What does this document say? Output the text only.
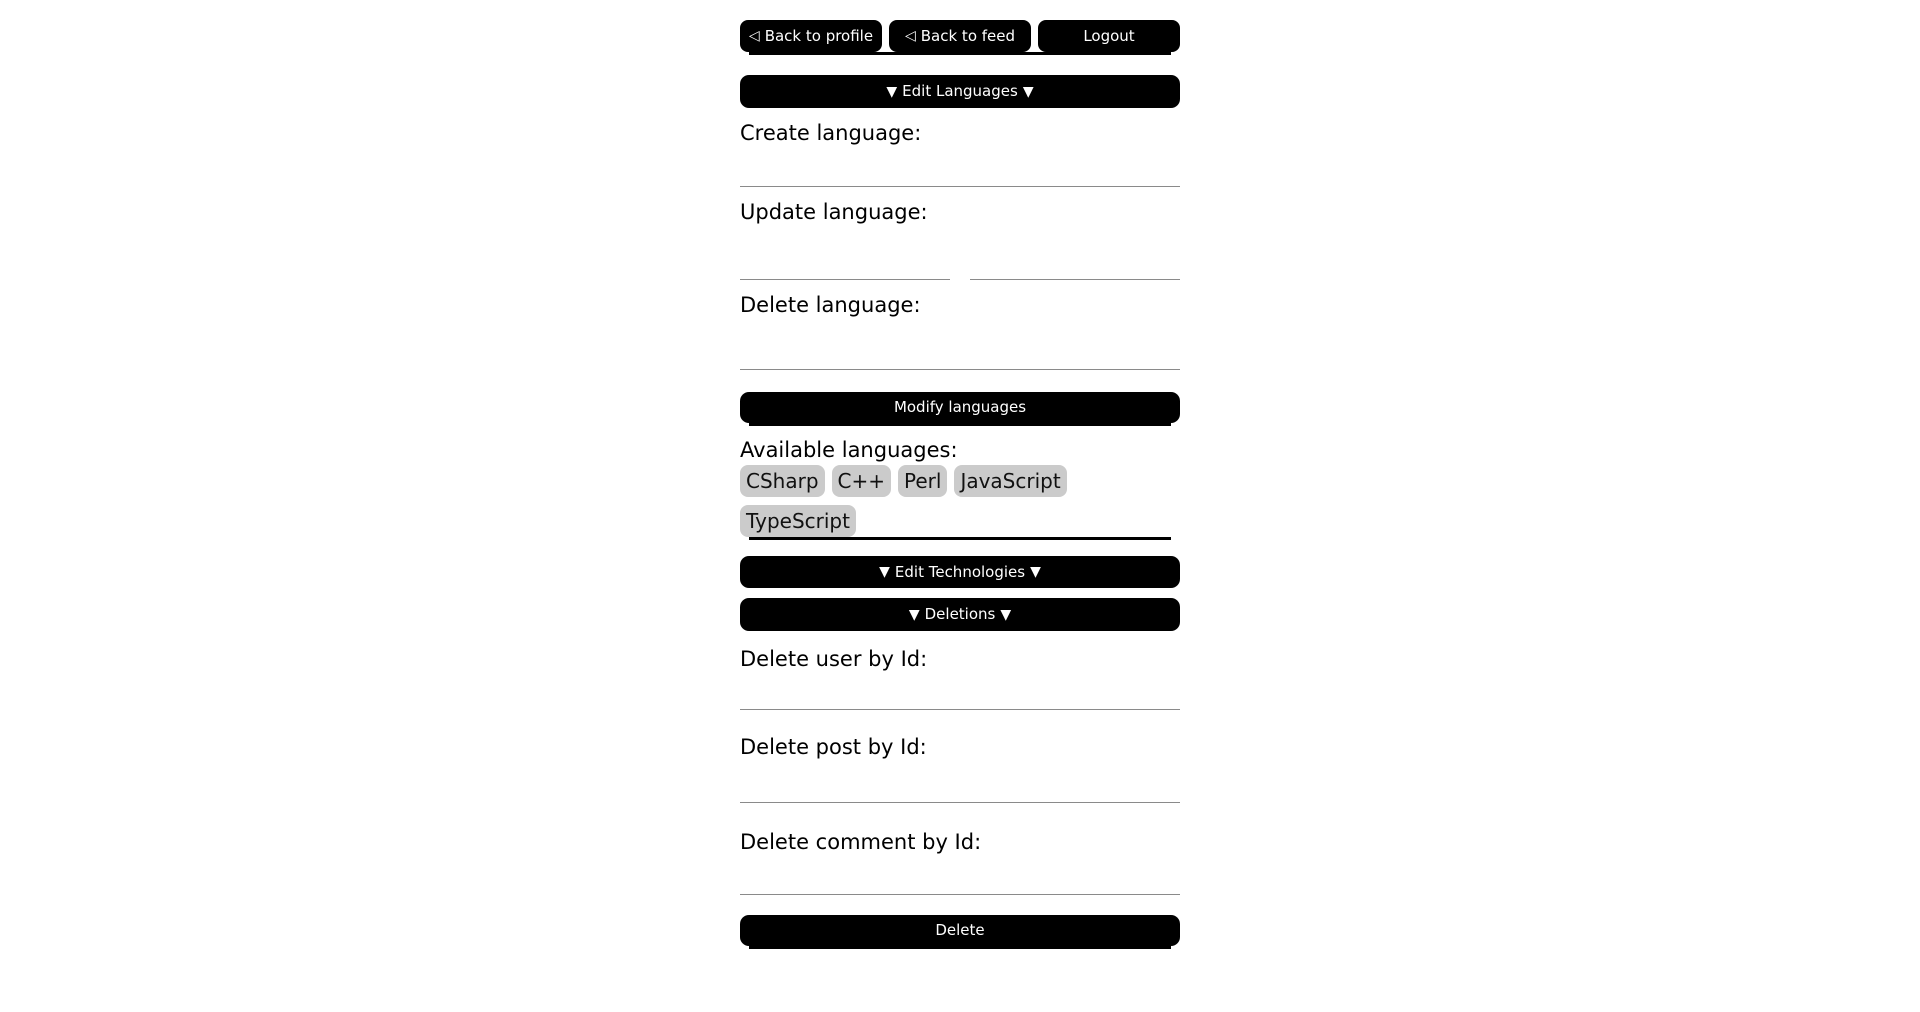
◁ Back to profile ◁ Back to feed	Logout
▼ Edit Languages ▼
Create language:
Update language:
Delete language:
Modify languages
Available languages:
CSharp C++ Perl JavaScript
TypeScript
▼ Edit Technologies ▼

▼ Deletions ▼
Delete user by Id:
Delete post by Id:
Delete comment by Id:
Delete
